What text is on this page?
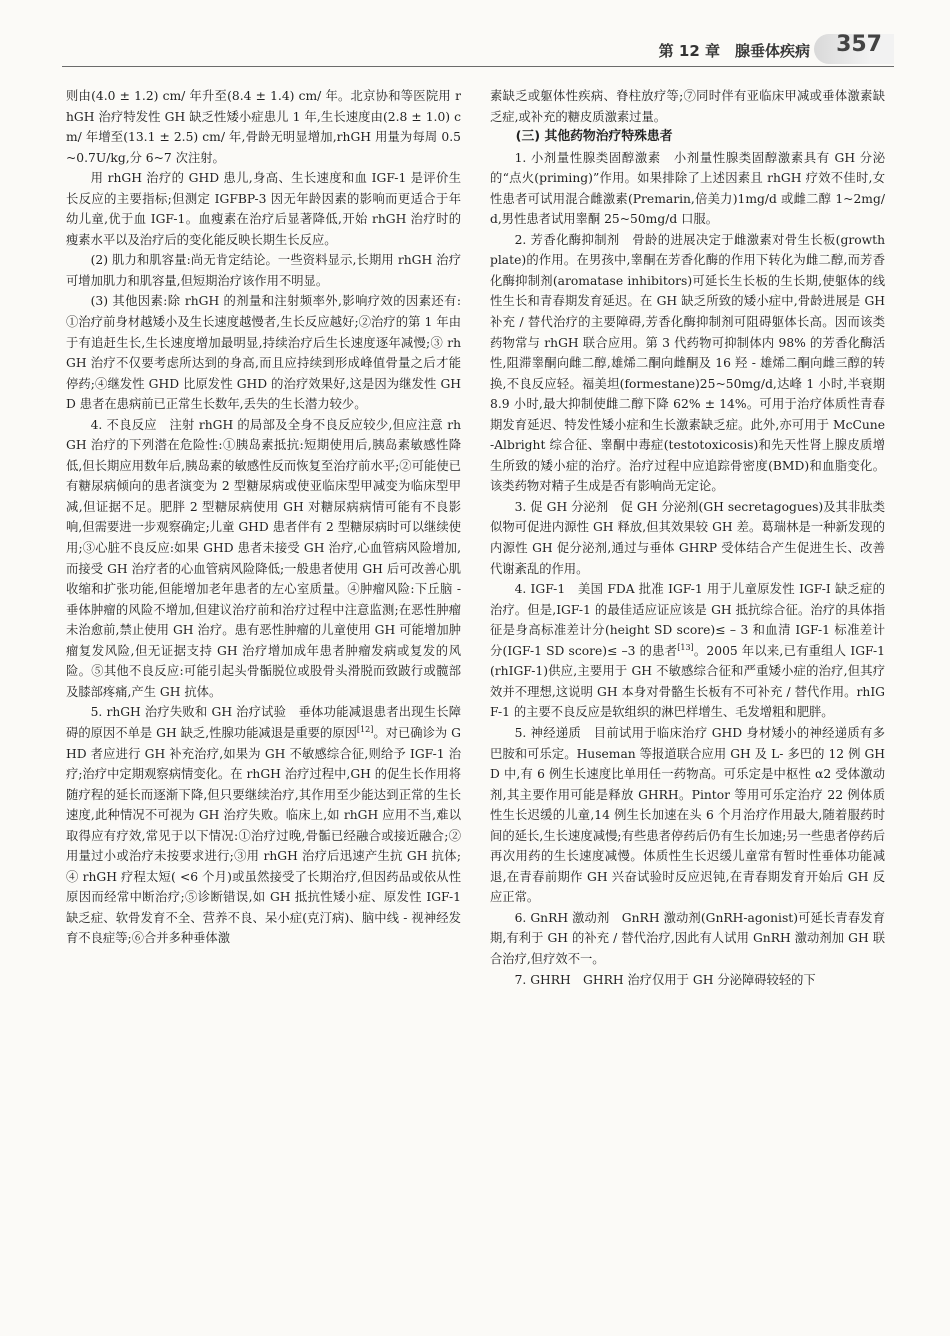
第 12 章　腺垂体疾病 357

则由(4.0 ± 1.2) cm/ 年升至(8.4 ± 1.4) cm/ 年。北京协和等医院用 rhGH 治疗特发性 GH 缺乏性矮小症患儿 1 年,生长速度由(2.8 ± 1.0) cm/ 年增至(13.1 ± 2.5) cm/ 年,骨龄无明显增加,rhGH 用量为每周 0.5~0.7U/kg,分 6~7 次注射。

用 rhGH 治疗的 GHD 患儿,身高、生长速度和血 IGF-1 是评价生长反应的主要指标;但测定 IGFBP-3 因无年龄因素的影响而更适合于年幼儿童,优于血 IGF-1。血瘦素在治疗后显著降低,开始 rhGH 治疗时的瘦素水平以及治疗后的变化能反映长期生长反应。

(2) 肌力和肌容量:尚无肯定结论。一些资料显示,长期用 rhGH 治疗可增加肌力和肌容量,但短期治疗该作用不明显。

(3) 其他因素:除 rhGH 的剂量和注射频率外,影响疗效的因素还有:①治疗前身材越矮小及生长速度越慢者,生长反应越好;②治疗的第 1 年由于有追赶生长,生长速度增加最明显,持续治疗后生长速度逐年减慢;③ rhGH 治疗不仅要考虑所达到的身高,而且应持续到形成峰值骨量之后才能停药;④继发性 GHD 比原发性 GHD 的治疗效果好,这是因为继发性 GHD 患者在患病前已正常生长数年,丢失的生长潜力较少。

4. 不良反应　注射 rhGH 的局部及全身不良反应较少,但应注意 rhGH 治疗的下列潜在危险性:①胰岛素抵抗:短期使用后,胰岛素敏感性降低,但长期应用数年后,胰岛素的敏感性反而恢复至治疗前水平;②可能使已有糖尿病倾向的患者演变为 2 型糖尿病或使亚临床型甲减变为临床型甲减,但证据不足。肥胖 2 型糖尿病使用 GH 对糖尿病病情可能有不良影响,但需要进一步观察确定;儿童 GHD 患者伴有 2 型糖尿病时可以继续使用;③心脏不良反应:如果 GHD 患者未接受 GH 治疗,心血管病风险增加,而接受 GH 治疗者的心血管病风险降低;一般患者使用 GH 后可改善心肌收缩和扩张功能,但能增加老年患者的左心室质量。④肿瘤风险:下丘脑 - 垂体肿瘤的风险不增加,但建议治疗前和治疗过程中注意监测;在恶性肿瘤未治愈前,禁止使用 GH 治疗。患有恶性肿瘤的儿童使用 GH 可能增加肿瘤复发风险,但无证据支持 GH 治疗增加成年患者肿瘤发病或复发的风险。⑤其他不良反应:可能引起头骨骺脱位或股骨头滑脱而致跛行或髋部及膝部疼痛,产生 GH 抗体。

5. rhGH 治疗失败和 GH 治疗试验　垂体功能减退患者出现生长障碍的原因不单是 GH 缺乏,性腺功能减退是重要的原因[12]。对已确诊为 GHD 者应进行 GH 补充治疗,如果为 GH 不敏感综合征,则给予 IGF-1 治疗;治疗中定期观察病情变化。在 rhGH 治疗过程中,GH 的促生长作用将随疗程的延长而逐渐下降,但只要继续治疗,其作用至少能达到正常的生长速度,此种情况不可视为 GH 治疗失败。临床上,如 rhGH 应用不当,难以取得应有疗效,常见于以下情况:①治疗过晚,骨骺已经融合或接近融合;②用量过小或治疗未按要求进行;③用 rhGH 治疗后迅速产生抗 GH 抗体;④ rhGH 疗程太短( <6 个月)或虽然接受了长期治疗,但因药品或依从性原因而经常中断治疗;⑤诊断错误,如 GH 抵抗性矮小症、原发性 IGF-1 缺乏症、软骨发育不全、营养不良、呆小症(克汀病)、脑中线 - 视神经发育不良症等;⑥合并多种垂体激

素缺乏或躯体性疾病、脊柱放疗等;⑦同时伴有亚临床甲减或垂体激素缺乏症,或补充的糖皮质激素过量。

(三) 其他药物治疗特殊患者

1. 小剂量性腺类固醇激素　小剂量性腺类固醇激素具有 GH 分泌的“点火(priming)”作用。如果排除了上述因素且 rhGH 疗效不佳时,女性患者可试用混合雌激素(Premarin,倍美力)1mg/d 或雌二醇 1~2mg/d,男性患者试用睾酮 25~50mg/d 口服。

2. 芳香化酶抑制剂　骨龄的进展决定于雌激素对骨生长板(growth plate)的作用。在男孩中,睾酮在芳香化酶的作用下转化为雌二醇,而芳香化酶抑制剂(aromatase inhibitors)可延长生长板的生长期,使躯体的线性生长和青春期发育延迟。在 GH 缺乏所致的矮小症中,骨龄进展是 GH 补充 / 替代治疗的主要障碍,芳香化酶抑制剂可阻碍躯体长高。因而该类药物常与 rhGH 联合应用。第 3 代药物可抑制体内 98% 的芳香化酶活性,阻滞睾酮向雌二醇,雄烯二酮向雌酮及 16 羟 - 雄烯二酮向雌三醇的转换,不良反应轻。福美坦(formestane)25~50mg/d,达峰 1 小时,半衰期 8.9 小时,最大抑制使雌二醇下降 62% ± 14%。可用于治疗体质性青春期发育延迟、特发性矮小症和生长激素缺乏症。此外,亦可用于 McCune-Albright 综合征、睾酮中毒症(testotoxicosis)和先天性肾上腺皮质增生所致的矮小症的治疗。治疗过程中应追踪骨密度(BMD)和血脂变化。该类药物对精子生成是否有影响尚无定论。

3. 促 GH 分泌剂　促 GH 分泌剂(GH secretagogues)及其非肽类似物可促进内源性 GH 释放,但其效果较 GH 差。葛瑞林是一种新发现的内源性 GH 促分泌剂,通过与垂体 GHRP 受体结合产生促进生长、改善代谢紊乱的作用。

4. IGF-1　美国 FDA 批准 IGF-1 用于儿童原发性 IGF-I 缺乏症的治疗。但是,IGF-1 的最佳适应证应该是 GH 抵抗综合征。治疗的具体指征是身高标准差计分(height SD score)≤ – 3 和血清 IGF-1 标准差计分(IGF-1 SD score)≤ –3 的患者[13]。2005 年以来,已有重组人 IGF-1(rhIGF-1)供应,主要用于 GH 不敏感综合征和严重矮小症的治疗,但其疗效并不理想,这说明 GH 本身对骨骼生长板有不可补充 / 替代作用。rhIGF-1 的主要不良反应是软组织的淋巴样增生、毛发增粗和肥胖。

5. 神经递质　目前试用于临床治疗 GHD 身材矮小的神经递质有多巴胺和可乐定。Huseman 等报道联合应用 GH 及 L- 多巴的 12 例 GHD 中,有 6 例生长速度比单用任一药物高。可乐定是中枢性 α2 受体激动剂,其主要作用可能是释放 GHRH。Pintor 等用可乐定治疗 22 例体质性生长迟缓的儿童,14 例生长加速在头 6 个月治疗作用最大,随着服药时间的延长,生长速度减慢;有些患者停药后仍有生长加速;另一些患者停药后再次用药的生长速度减慢。体质性生长迟缓儿童常有暂时性垂体功能减退,在青春前期作 GH 兴奋试验时反应迟钝,在青春期发育开始后 GH 反应正常。

6. GnRH 激动剂　GnRH 激动剂(GnRH-agonist)可延长青春发育期,有利于 GH 的补充 / 替代治疗,因此有人试用 GnRH 激动剂加 GH 联合治疗,但疗效不一。

7. GHRH　GHRH 治疗仅用于 GH 分泌障碍较轻的下
